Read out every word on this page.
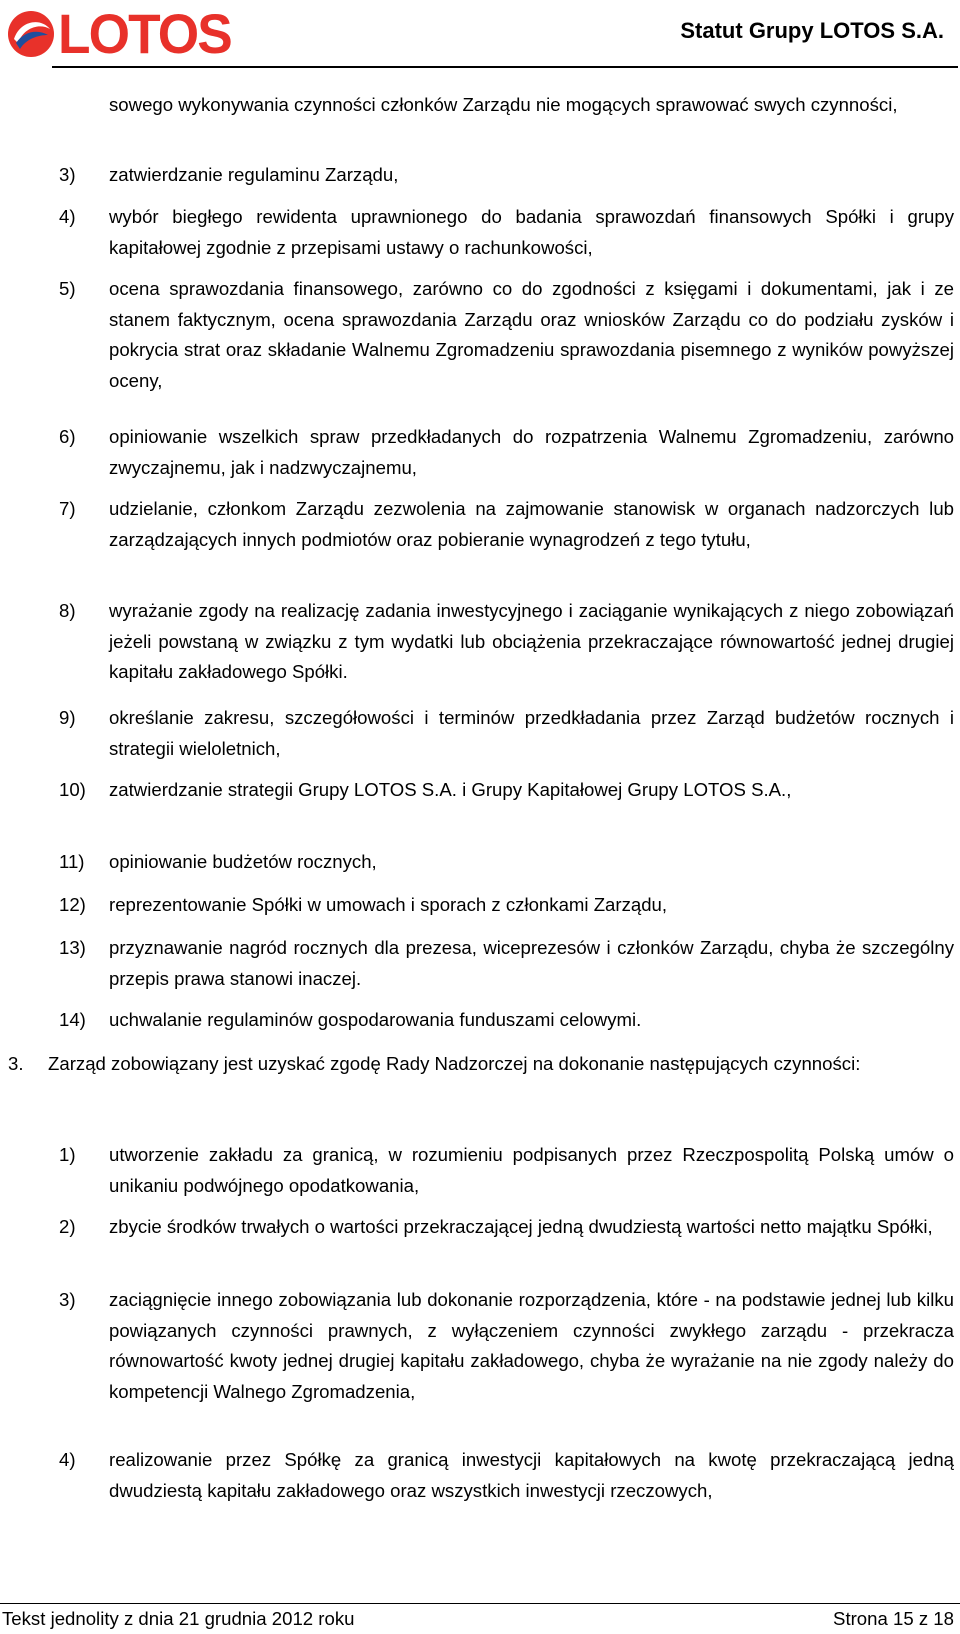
LOTOS	Statut Grupy LOTOS S.A.
sowego wykonywania czynności członków Zarządu nie mogących sprawować swych czynności,
3) zatwierdzanie regulaminu Zarządu,
4) wybór biegłego rewidenta uprawnionego do badania sprawozdań finansowych Spółki i grupy kapitałowej zgodnie z przepisami ustawy o rachunkowości,
5) ocena sprawozdania finansowego, zarówno co do zgodności z księgami i dokumentami, jak i ze stanem faktycznym, ocena sprawozdania Zarządu oraz wniosków Zarządu co do podziału zysków i pokrycia strat oraz składanie Walnemu Zgromadzeniu sprawozdania pisemnego z wyników powyższej oceny,
6) opiniowanie wszelkich spraw przedkładanych do rozpatrzenia Walnemu Zgromadzeniu, zarówno zwyczajnemu, jak i nadzwyczajnemu,
7) udzielanie, członkom Zarządu zezwolenia na zajmowanie stanowisk w organach nadzorczych lub zarządzających innych podmiotów oraz pobieranie wynagrodzeń z tego tytułu,
8) wyrażanie zgody na realizację zadania inwestycyjnego i zaciąganie wynikających z niego zobowiązań jeżeli powstaną w związku z tym wydatki lub obciążenia przekraczające równowartość jednej drugiej kapitału zakładowego Spółki.
9) określanie zakresu, szczegółowości i terminów przedkładania przez Zarząd budżetów rocznych i strategii wieloletnich,
10) zatwierdzanie strategii Grupy LOTOS S.A. i Grupy Kapitałowej Grupy LOTOS S.A.,
11) opiniowanie budżetów rocznych,
12) reprezentowanie Spółki w umowach i sporach z członkami Zarządu,
13) przyznawanie nagród rocznych dla prezesa, wiceprezesów i członków Zarządu, chyba że szczególny przepis prawa stanowi inaczej.
14) uchwalanie regulaminów gospodarowania funduszami celowymi.
3. Zarząd zobowiązany jest uzyskać zgodę Rady Nadzorczej na dokonanie następujących czynności:
1) utworzenie zakładu za granicą, w rozumieniu podpisanych przez Rzeczpospolitą Polską umów o unikaniu podwójnego opodatkowania,
2) zbycie środków trwałych o wartości przekraczającej jedną dwudziestą wartości netto majątku Spółki,
3) zaciągnięcie innego zobowiązania lub dokonanie rozporządzenia, które - na podstawie jednej lub kilku powiązanych czynności prawnych, z wyłączeniem czynności zwykłego zarządu - przekracza równowartość kwoty jednej drugiej kapitału zakładowego, chyba że wyrażanie na nie zgody należy do kompetencji Walnego Zgromadzenia,
4) realizowanie przez Spółkę za granicą inwestycji kapitałowych na kwotę przekraczającą jedną dwudziestą kapitału zakładowego oraz wszystkich inwestycji rzeczowych,
Tekst jednolity z dnia 21 grudnia 2012 roku	Strona 15 z 18
